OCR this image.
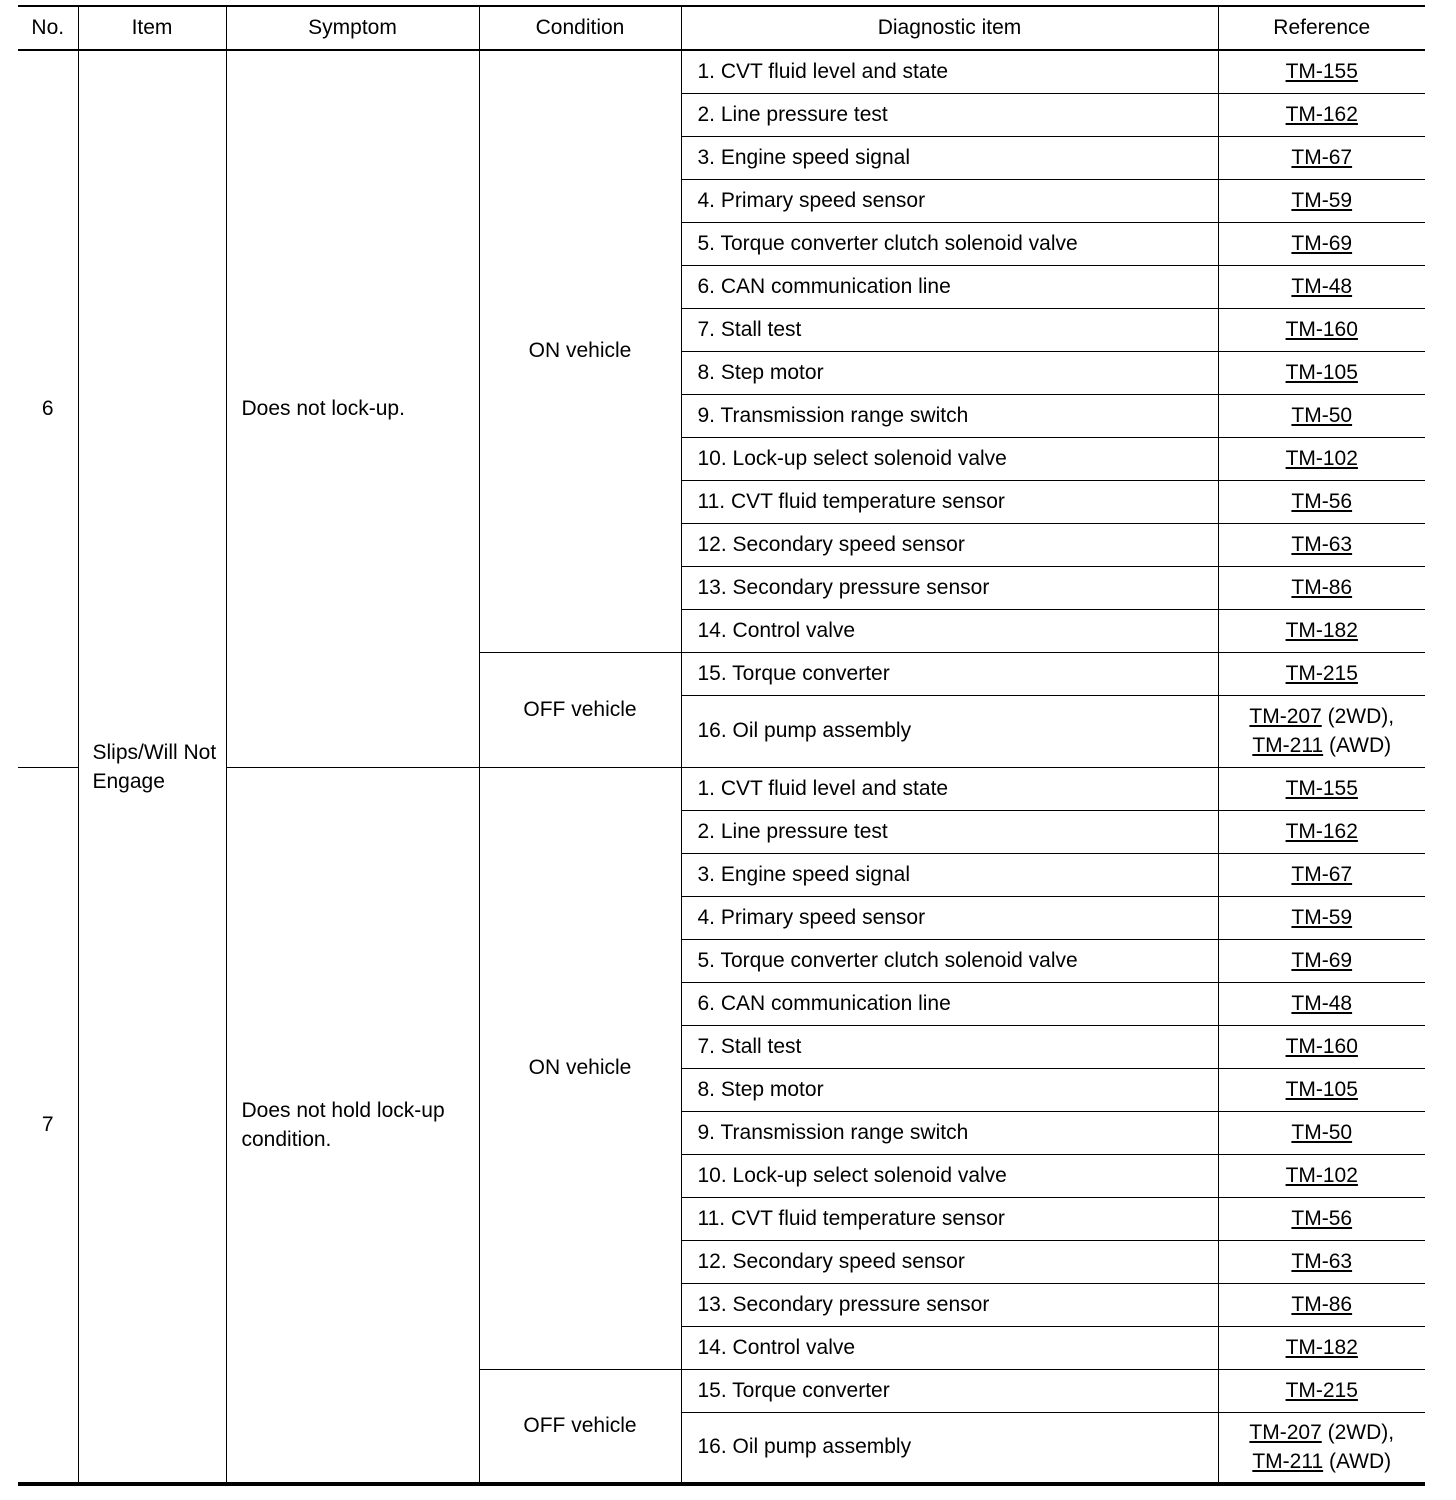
No.	Item	Symptom	Condition	Diagnostic item	Reference
6	Slips/Will Not Engage	Does not lock-up.	ON vehicle	1. CVT fluid level and state	TM-155
				2. Line pressure test	TM-162
				3. Engine speed signal	TM-67
				4. Primary speed sensor	TM-59
				5. Torque converter clutch solenoid valve	TM-69
				6. CAN communication line	TM-48
				7. Stall test	TM-160
				8. Step motor	TM-105
				9. Transmission range switch	TM-50
				10. Lock-up select solenoid valve	TM-102
				11. CVT fluid temperature sensor	TM-56
				12. Secondary speed sensor	TM-63
				13. Secondary pressure sensor	TM-86
				14. Control valve	TM-182
			OFF vehicle	15. Torque converter	TM-215
				16. Oil pump assembly	TM-207 (2WD),
TM-211 (AWD)
7		Does not hold lock-up condition.	ON vehicle	1. CVT fluid level and state	TM-155
				2. Line pressure test	TM-162
				3. Engine speed signal	TM-67
				4. Primary speed sensor	TM-59
				5. Torque converter clutch solenoid valve	TM-69
				6. CAN communication line	TM-48
				7. Stall test	TM-160
				8. Step motor	TM-105
				9. Transmission range switch	TM-50
				10. Lock-up select solenoid valve	TM-102
				11. CVT fluid temperature sensor	TM-56
				12. Secondary speed sensor	TM-63
				13. Secondary pressure sensor	TM-86
				14. Control valve	TM-182
			OFF vehicle	15. Torque converter	TM-215
				16. Oil pump assembly	TM-207 (2WD),
TM-211 (AWD)
